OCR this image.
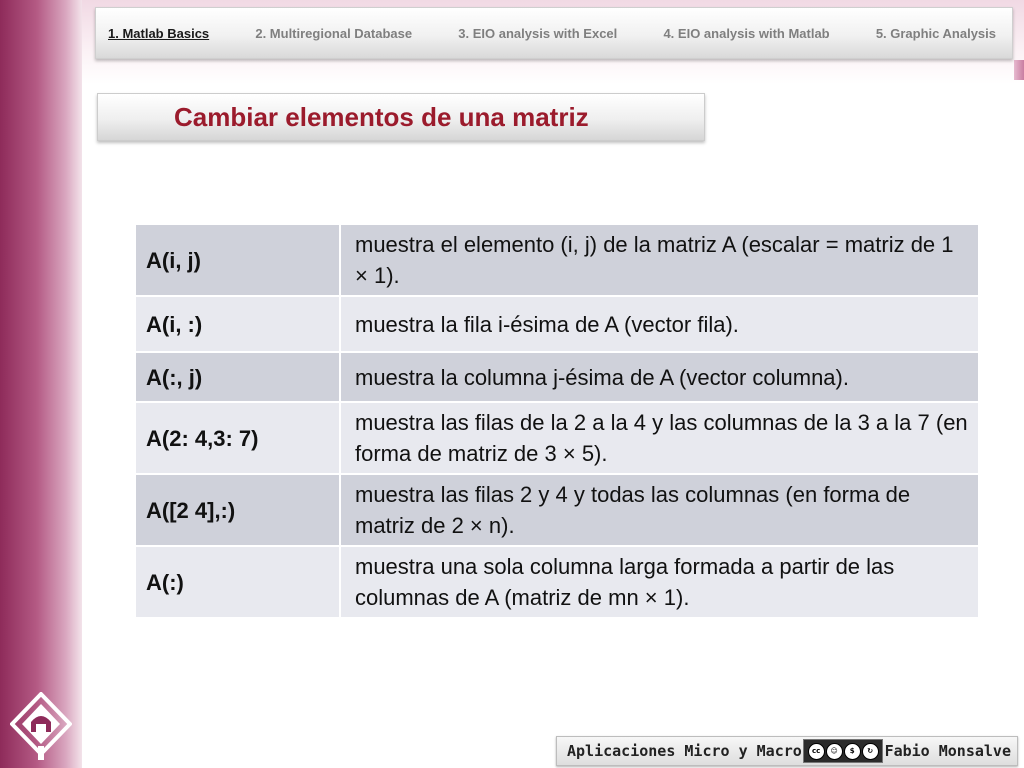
1. Matlab Basics	2. Multiregional Database	3. EIO analysis with Excel	4. EIO analysis with Matlab	5. Graphic Analysis
Cambiar elementos de una matriz
A(i, j)	muestra el elemento (i, j) de la matriz A (escalar = matriz de 1 × 1).
A(i, :)	muestra la fila i-ésima de A (vector fila).
A(:, j)	muestra la columna j-ésima de A (vector columna).
A(2: 4,3: 7)	muestra las filas de la 2 a la 4 y las columnas de la 3 a la 7 (en forma de matriz de 3 × 5).
A([2 4],:)	muestra las filas 2 y 4 y todas las columnas (en forma de matriz de 2 × n).
A(:)	muestra una sola columna larga formada a partir de las columnas de A (matriz de mn × 1).
Aplicaciones Micro y Macro	cc	☺	$	↻ Fabio Monsalve
